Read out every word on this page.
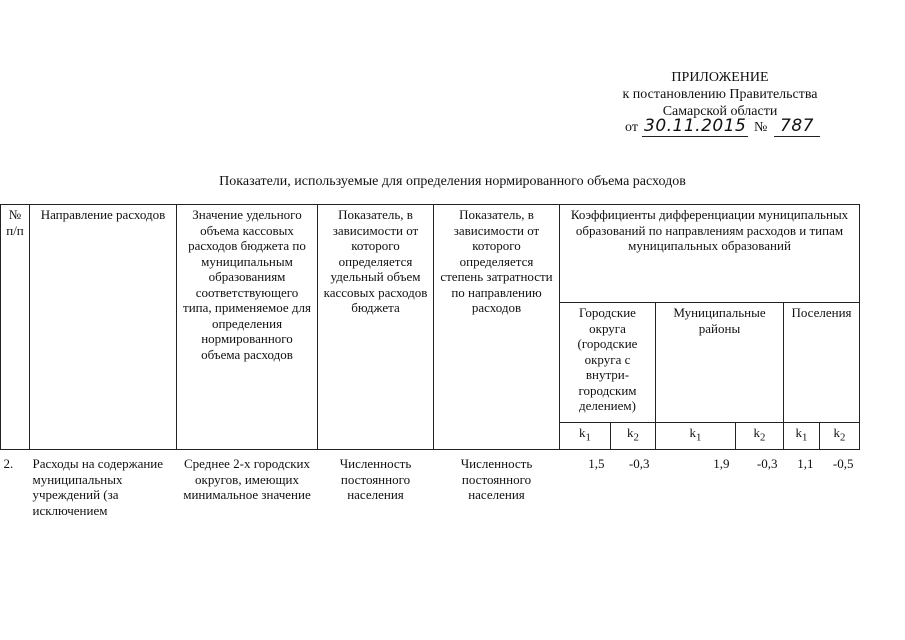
ПРИЛОЖЕНИЕ
к постановлению Правительства
Самарской области
от 30.11.2015 № 787
Показатели, используемые для определения нормированного объема расходов
№ п/п	Направление расходов	Значение удельного объема кассовых расходов бюджета по муниципальным образованиям соответствующего типа, применяемое для определения нормированного объема расходов	Показатель, в зависимости от которого определяется удельный объем кассовых расходов бюджета	Показатель, в зависимости от которого определяется степень затратности по направлению расходов	Коэффициенты дифференциации муниципальных образований по направлениям расходов и типам муниципальных образований					
					Городские округа (городские округа с внутри-городским делением)		Муниципальные районы		Поселения	
					$k_1$	$k_2$	$k_1$	$k_2$	$k_1$	$k_2$
2.	Расходы на содержание муниципальных учреждений (за исключением	Среднее 2-х городских округов, имеющих минимальное значение	Численность постоянного населения	Численность постоянного населения	1,5	-0,3	1,9	-0,3	1,1	-0,5
